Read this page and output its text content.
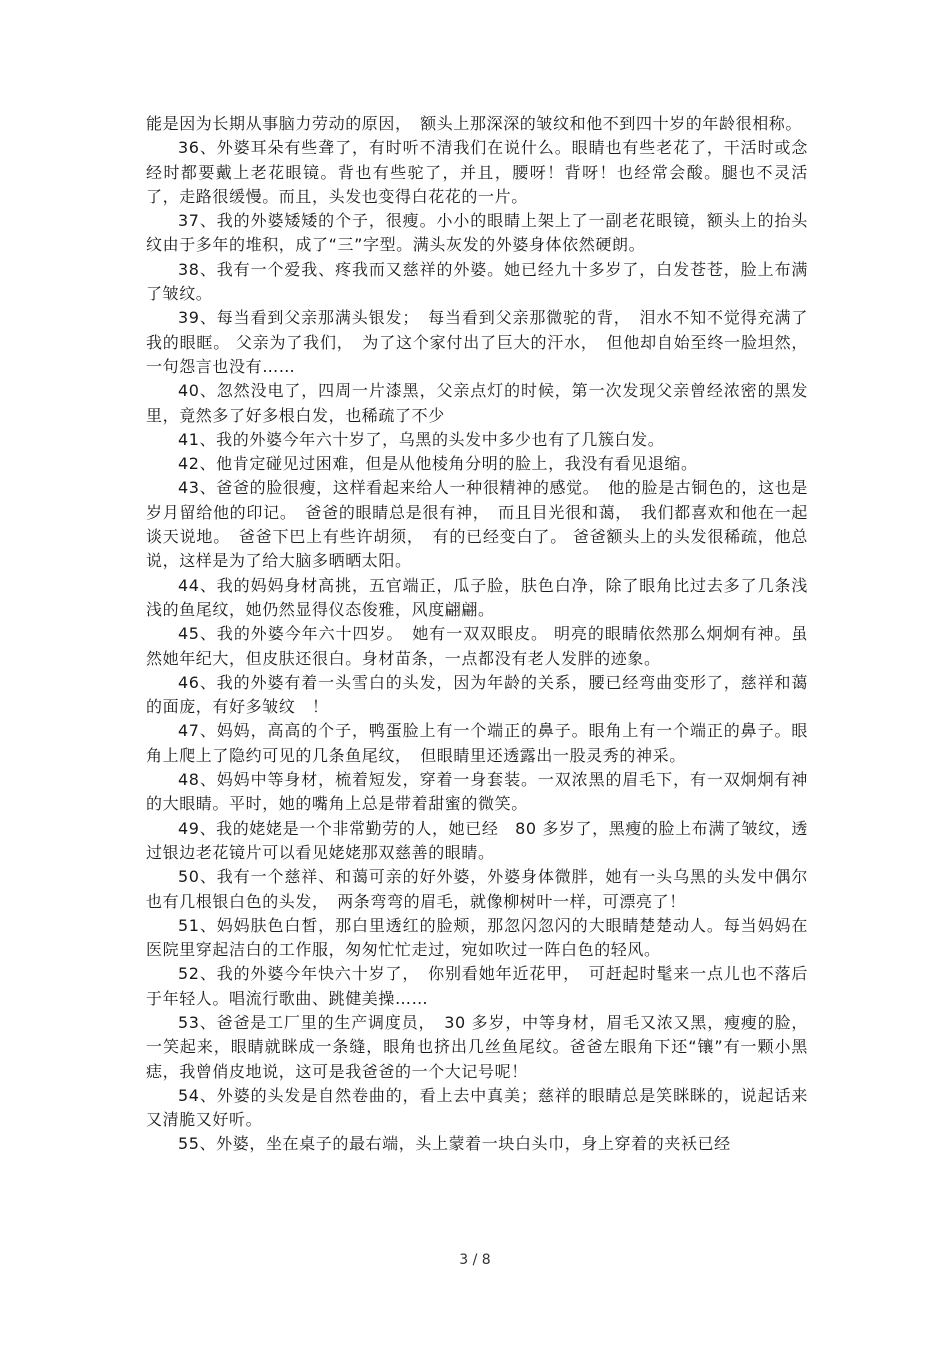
能是因为长期从事脑力劳动的原因，　额头上那深深的皱纹和他不到四十岁的年龄很相称。

36、外婆耳朵有些聋了，有时听不清我们在说什么。眼睛也有些老花了，干活时或念经时都要戴上老花眼镜。背也有些驼了，并且，腰呀！背呀！也经常会酸。腿也不灵活了，走路很缓慢。而且，头发也变得白花花的一片。

37、我的外婆矮矮的个子，很瘦。小小的眼睛上架上了一副老花眼镜，额头上的抬头纹由于多年的堆积，成了“三”字型。满头灰发的外婆身体依然硬朗。

38、我有一个爱我、疼我而又慈祥的外婆。她已经九十多岁了，白发苍苍，脸上布满了皱纹。

39、每当看到父亲那满头银发；　每当看到父亲那微驼的背，　泪水不知不觉得充满了我的眼眶。 父亲为了我们，　为了这个家付出了巨大的汗水，　但他却自始至终一脸坦然，一句怨言也没有……

40、忽然没电了，四周一片漆黑，父亲点灯的时候，第一次发现父亲曾经浓密的黑发里，竟然多了好多根白发，也稀疏了不少

41、我的外婆今年六十岁了，乌黑的头发中多少也有了几簇白发。

42、他肯定碰见过困难，但是从他棱角分明的脸上，我没有看见退缩。

43、爸爸的脸很瘦，这样看起来给人一种很精神的感觉。　他的脸是古铜色的，这也是岁月留给他的印记。　爸爸的眼睛总是很有神，　而且目光很和蔼，　我们都喜欢和他在一起谈天说地。　爸爸下巴上有些许胡须，　有的已经变白了。 爸爸额头上的头发很稀疏，他总说，这样是为了给大脑多晒晒太阳。

44、我的妈妈身材高挑，五官端正，瓜子脸，肤色白净，除了眼角比过去多了几条浅浅的鱼尾纹，她仍然显得仪态俊雅，风度翩翩。

45、我的外婆今年六十四岁。　她有一双双眼皮。 明亮的眼睛依然那么炯炯有神。虽然她年纪大，但皮肤还很白。身材苗条，一点都没有老人发胖的迹象。

46、我的外婆有着一头雪白的头发，因为年龄的关系，腰已经弯曲变形了，慈祥和蔼的面庞，有好多皱纹　！

47、妈妈，高高的个子，鸭蛋脸上有一个端正的鼻子。眼角上有一个端正的鼻子。眼角上爬上了隐约可见的几条鱼尾纹，　但眼睛里还透露出一股灵秀的神采。

48、妈妈中等身材，梳着短发，穿着一身套装。一双浓黑的眉毛下，有一双炯炯有神的大眼睛。平时，她的嘴角上总是带着甜蜜的微笑。

49、我的姥姥是一个非常勤劳的人，她已经　80 多岁了，黑瘦的脸上布满了皱纹，透过银边老花镜片可以看见姥姥那双慈善的眼睛。

50、我有一个慈祥、和蔼可亲的好外婆，外婆身体微胖，她有一头乌黑的头发中偶尔也有几根银白色的头发，　两条弯弯的眉毛，就像柳树叶一样，可漂亮了！

51、妈妈肤色白皙，那白里透红的脸颊，那忽闪忽闪的大眼睛楚楚动人。每当妈妈在医院里穿起洁白的工作服，匆匆忙忙走过，宛如吹过一阵白色的轻风。

52、我的外婆今年快六十岁了，　你别看她年近花甲，　可赶起时髦来一点儿也不落后于年轻人。唱流行歌曲、跳健美操……

53、爸爸是工厂里的生产调度员，　30 多岁，中等身材，眉毛又浓又黑，瘦瘦的脸，一笑起来，眼睛就眯成一条缝，眼角也挤出几丝鱼尾纹。爸爸左眼角下还“镶”有一颗小黑痣，我曾俏皮地说，这可是我爸爸的一个大记号呢！

54、外婆的头发是自然卷曲的，看上去中真美；慈祥的眼睛总是笑眯眯的，说起话来又清脆又好听。

55、外婆，坐在桌子的最右端，头上蒙着一块白头巾，身上穿着的夹袄已经

3 / 8
